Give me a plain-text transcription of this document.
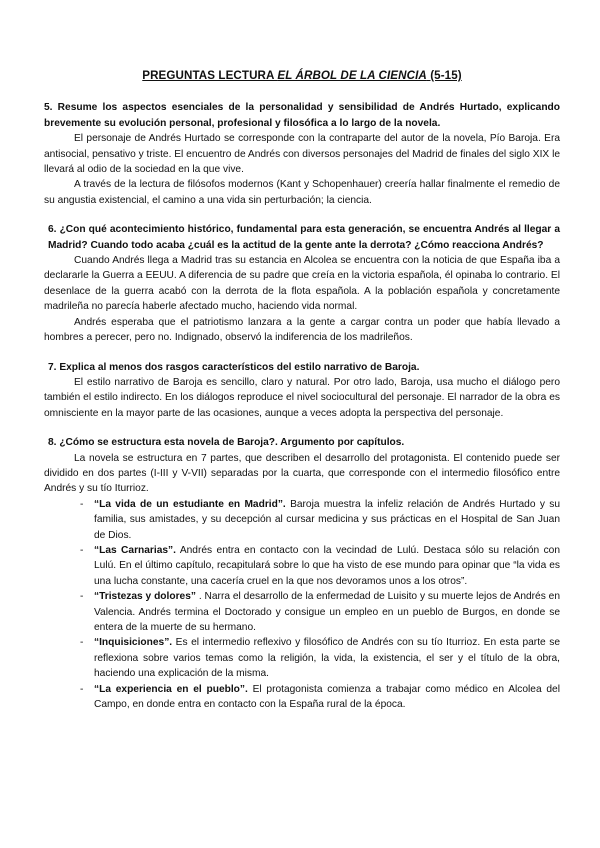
PREGUNTAS LECTURA EL ÁRBOL DE LA CIENCIA (5-15)

5. Resume los aspectos esenciales de la personalidad y sensibilidad de Andrés Hurtado, explicando brevemente su evolución personal, profesional y filosófica a lo largo de la novela.

El personaje de Andrés Hurtado se corresponde con la contraparte del autor de la novela, Pío Baroja. Era antisocial, pensativo y triste. El encuentro de Andrés con diversos personajes del Madrid de finales del siglo XIX le llevará al odio de la sociedad en la que vive.

A través de la lectura de filósofos modernos (Kant y Schopenhauer) creería hallar finalmente el remedio de su angustia existencial, el camino a una vida sin perturbación; la ciencia.

6. ¿Con qué acontecimiento histórico, fundamental para esta generación, se encuentra Andrés al llegar a Madrid? Cuando todo acaba ¿cuál es la actitud de la gente ante la derrota? ¿Cómo reacciona Andrés?

Cuando Andrés llega a Madrid tras su estancia en Alcolea se encuentra con la noticia de que España iba a declararle la Guerra a EEUU. A diferencia de su padre que creía en la victoria española, él opinaba lo contrario. El desenlace de la guerra acabó con la derrota de la flota española. A la población española y concretamente madrileña no parecía haberle afectado mucho, haciendo vida normal.

Andrés esperaba que el patriotismo lanzara a la gente a cargar contra un poder que había llevado a hombres a perecer, pero no. Indignado, observó la indiferencia de los madrileños.

7. Explica al menos dos rasgos característicos del estilo narrativo de Baroja.

El estilo narrativo de Baroja es sencillo, claro y natural. Por otro lado, Baroja, usa mucho el diálogo pero también el estilo indirecto. En los diálogos reproduce el nivel sociocultural del personaje. El narrador de la obra es omnisciente en la mayor parte de las ocasiones, aunque a veces adopta la perspectiva del personaje.

8. ¿Cómo se estructura esta novela de Baroja?. Argumento por capítulos.

La novela se estructura en 7 partes, que describen el desarrollo del protagonista. El contenido puede ser dividido en dos partes (I-III y V-VII) separadas por la cuarta, que corresponde con el intermedio filosófico entre Andrés y su tío Iturrioz.

- “La vida de un estudiante en Madrid”. Baroja muestra la infeliz relación de Andrés Hurtado y su familia, sus amistades, y su decepción al cursar medicina y sus prácticas en el Hospital de San Juan de Dios.
- “Las Carnarias”. Andrés entra en contacto con la vecindad de Lulú. Destaca sólo su relación con Lulú. En el último capítulo, recapitulará sobre lo que ha visto de ese mundo para opinar que “la vida es una lucha constante, una cacería cruel en la que nos devoramos unos a los otros”.
- “Tristezas y dolores” . Narra el desarrollo de la enfermedad de Luisito y su muerte lejos de Andrés en Valencia. Andrés termina el Doctorado y consigue un empleo en un pueblo de Burgos, en donde se entera de la muerte de su hermano.
- “Inquisiciones”. Es el intermedio reflexivo y filosófico de Andrés con su tío Iturrioz. En esta parte se reflexiona sobre varios temas como la religión, la vida, la existencia, el ser y el título de la obra, haciendo una explicación de la misma.
- “La experiencia en el pueblo”. El protagonista comienza a trabajar como médico en Alcolea del Campo, en donde entra en contacto con la España rural de la época.
